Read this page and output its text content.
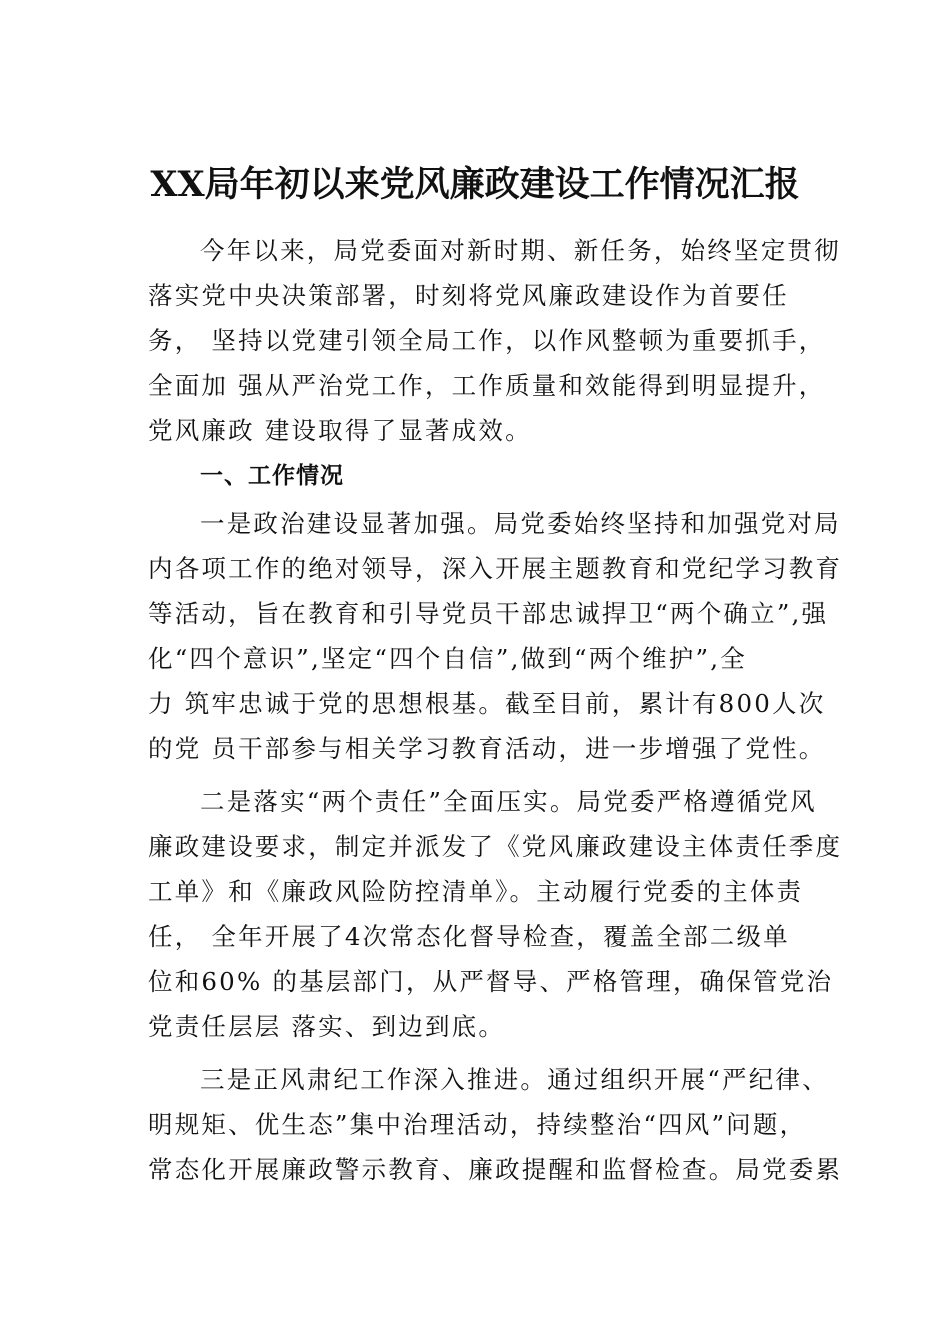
XX局年初以来党风廉政建设工作情况汇报
今年以来，局党委面对新时期、新任务，始终坚定贯彻
落实党中央决策部署，时刻将党风廉政建设作为首要任
务， 坚持以党建引领全局工作，以作风整顿为重要抓手，
全面加 强从严治党工作，工作质量和效能得到明显提升，
党风廉政 建设取得了显著成效。
一、工作情况
一是政治建设显著加强。局党委始终坚持和加强党对局
内各项工作的绝对领导，深入开展主题教育和党纪学习教育
等活动，旨在教育和引导党员干部忠诚捍卫“两个确立”,强
化“四个意识”,坚定“四个自信”,做到“两个维护”,全
力 筑牢忠诚于党的思想根基。截至目前，累计有800人次
的党 员干部参与相关学习教育活动，进一步增强了党性。
二是落实“两个责任”全面压实。局党委严格遵循党风
廉政建设要求，制定并派发了《党风廉政建设主体责任季度
工单》和《廉政风险防控清单》。主动履行党委的主体责
任， 全年开展了4次常态化督导检查，覆盖全部二级单
位和60% 的基层部门，从严督导、严格管理，确保管党治
党责任层层 落实、到边到底。
三是正风肃纪工作深入推进。通过组织开展“严纪律、
明规矩、优生态”集中治理活动，持续整治“四风”问题，
常态化开展廉政警示教育、廉政提醒和监督检查。局党委累
